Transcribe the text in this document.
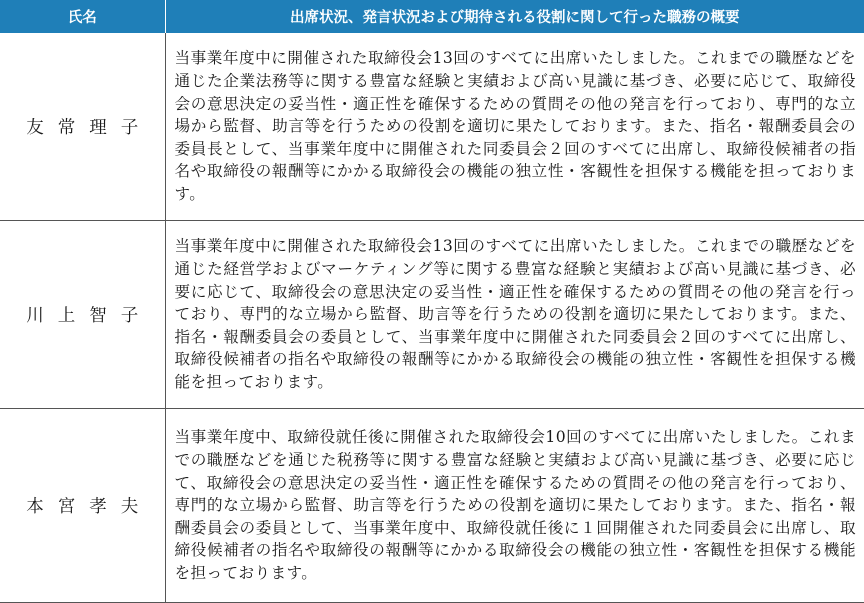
氏名	出席状況、発言状況および期待される役割に関して行った職務の概要
友常理子	当事業年度中に開催された取締役会13回のすべてに出席いたしました。これまでの職歴などを通じた企業法務等に関する豊富な経験と実績および高い見識に基づき、必要に応じて、取締役会の意思決定の妥当性・適正性を確保するための質問その他の発言を行っており、専門的な立場から監督、助言等を行うための役割を適切に果たしております。また、指名・報酬委員会の委員長として、当事業年度中に開催された同委員会２回のすべてに出席し、取締役候補者の指名や取締役の報酬等にかかる取締役会の機能の独立性・客観性を担保する機能を担っております。
川上智子	当事業年度中に開催された取締役会13回のすべてに出席いたしました。これまでの職歴などを通じた経営学およびマーケティング等に関する豊富な経験と実績および高い見識に基づき、必要に応じて、取締役会の意思決定の妥当性・適正性を確保するための質問その他の発言を行っており、専門的な立場から監督、助言等を行うための役割を適切に果たしております。また、指名・報酬委員会の委員として、当事業年度中に開催された同委員会２回のすべてに出席し、取締役候補者の指名や取締役の報酬等にかかる取締役会の機能の独立性・客観性を担保する機能を担っております。
本宮孝夫	当事業年度中、取締役就任後に開催された取締役会10回のすべてに出席いたしました。これまでの職歴などを通じた税務等に関する豊富な経験と実績および高い見識に基づき、必要に応じて、取締役会の意思決定の妥当性・適正性を確保するための質問その他の発言を行っており、専門的な立場から監督、助言等を行うための役割を適切に果たしております。また、指名・報酬委員会の委員として、当事業年度中、取締役就任後に１回開催された同委員会に出席し、取締役候補者の指名や取締役の報酬等にかかる取締役会の機能の独立性・客観性を担保する機能を担っております。
